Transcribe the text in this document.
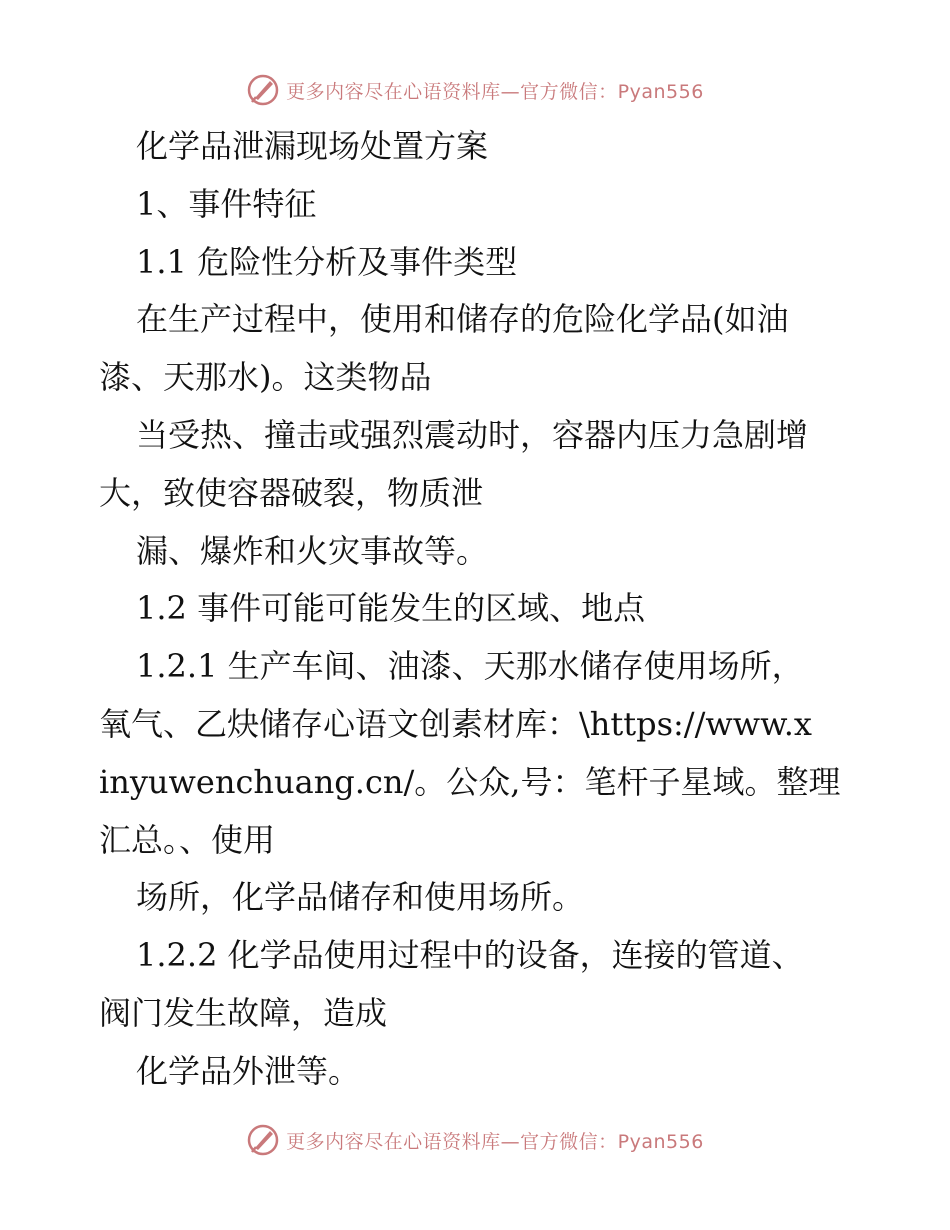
更多内容尽在心语资料库—官方微信：Pyan556
化学品泄漏现场处置方案
1、事件特征
1.1 危险性分析及事件类型
在生产过程中，使用和储存的危险化学品(如油
漆、天那水)。这类物品
当受热、撞击或强烈震动时，容器内压力急剧增
大，致使容器破裂，物质泄
漏、爆炸和火灾事故等。
1.2 事件可能可能发生的区域、地点
1.2.1 生产车间、油漆、天那水储存使用场所，
氧气、乙炔储存心语文创素材库：\https://www.x
inyuwenchuang.cn/。公众,号：笔杆子星域。整理
汇总。、使用
场所，化学品储存和使用场所。
1.2.2 化学品使用过程中的设备，连接的管道、
阀门发生故障，造成
化学品外泄等。
更多内容尽在心语资料库—官方微信：Pyan556
